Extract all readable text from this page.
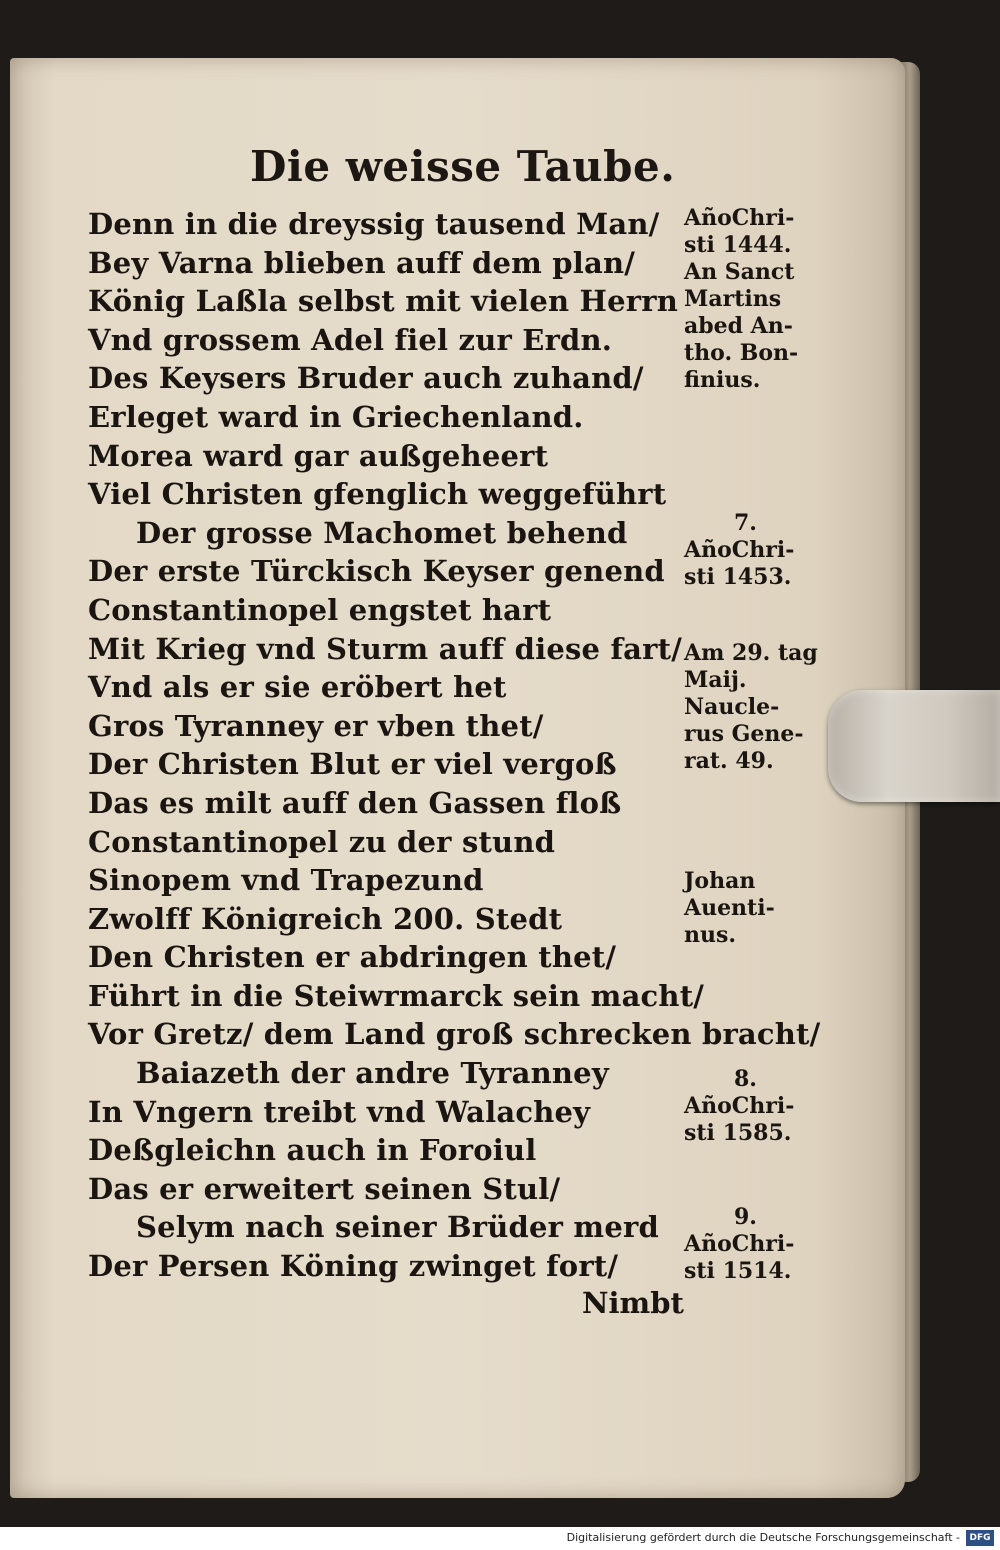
Die weisse Taube.
Denn in die dreyssig tausend Man/
Bey Varna blieben auff dem plan/
König Laßla selbst mit vielen Herrn
Vnd grossem Adel fiel zur Erdn.
Des Keysers Bruder auch zuhand/
Erleget ward in Griechenland.
Morea ward gar außgeheert
Viel Christen gfenglich weggeführt
Der grosse Machomet behend
Der erste Türckisch Keyser genend
Constantinopel engstet hart
Mit Krieg vnd Sturm auff diese fart/
Vnd als er sie eröbert het
Gros Tyranney er vben thet/
Der Christen Blut er viel vergoß
Das es milt auff den Gassen floß
Constantinopel zu der stund
Sinopem vnd Trapezund
Zwolff Königreich 200. Stedt
Den Christen er abdringen thet/
Führt in die Steiwrmarck sein macht/
Vor Gretz/ dem Land groß schrecken bracht/
Baiazeth der andre Tyranney
In Vngern treibt vnd Walachey
Deßgleichn auch in Foroiul
Das er erweitert seinen Stul/
Selym nach seiner Brüder merd
Der Persen Köning zwinget fort/
Nimbt
AñoChri-
sti 1444.
An Sanct
Martins
abed An-
tho. Bon-
finius.
7.
AñoChri-
sti 1453.
Am 29. tag
Maij.
Naucle-
rus Gene-
rat. 49.
Johan
Auenti-
nus.
8.
AñoChri-
sti 1585.
9.
AñoChri-
sti 1514.
Digitalisierung gefördert durch die Deutsche Forschungsgemeinschaft -	DFG
